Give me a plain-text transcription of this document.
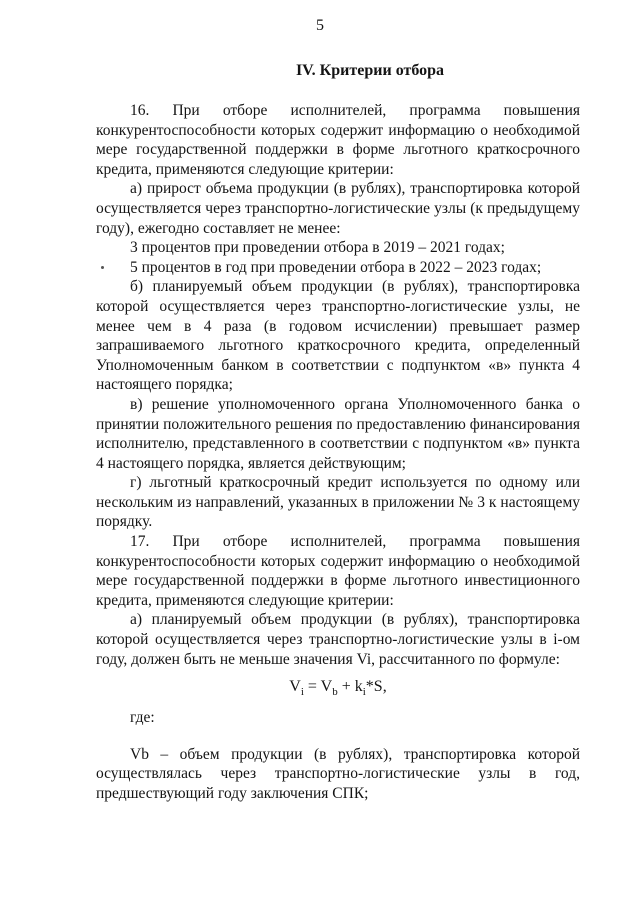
5
IV. Критерии отбора

16. При отборе исполнителей, программа повышения конкурентоспособности которых содержит информацию о необходимой мере государственной поддержки в форме льготного краткосрочного кредита, применяются следующие критерии:

а) прирост объема продукции (в рублях), транспортировка которой осуществляется через транспортно-логистические узлы (к предыдущему году), ежегодно составляет не менее:

3 процентов при проведении отбора в 2019 – 2021 годах;

5 процентов в год при проведении отбора в 2022 – 2023 годах;

б) планируемый объем продукции (в рублях), транспортировка которой осуществляется через транспортно-логистические узлы, не менее чем в 4 раза (в годовом исчислении) превышает размер запрашиваемого льготного краткосрочного кредита, определенный Уполномоченным банком в соответствии с подпунктом «в» пункта 4 настоящего порядка;

в) решение уполномоченного органа Уполномоченного банка о принятии положительного решения по предоставлению финансирования исполнителю, представленного в соответствии с подпунктом «в» пункта 4 настоящего порядка, является действующим;

г) льготный краткосрочный кредит используется по одному или нескольким из направлений, указанных в приложении № 3 к настоящему порядку.

17. При отборе исполнителей, программа повышения конкурентоспособности которых содержит информацию о необходимой мере государственной поддержки в форме льготного инвестиционного кредита, применяются следующие критерии:

а) планируемый объем продукции (в рублях), транспортировка которой осуществляется через транспортно-логистические узлы в i-ом году, должен быть не меньше значения Vi, рассчитанного по формуле:

$V_i = V_b + k_i*S$,

где:

Vb – объем продукции (в рублях), транспортировка которой осуществлялась через транспортно-логистические узлы в год, предшествующий году заключения СПК;
